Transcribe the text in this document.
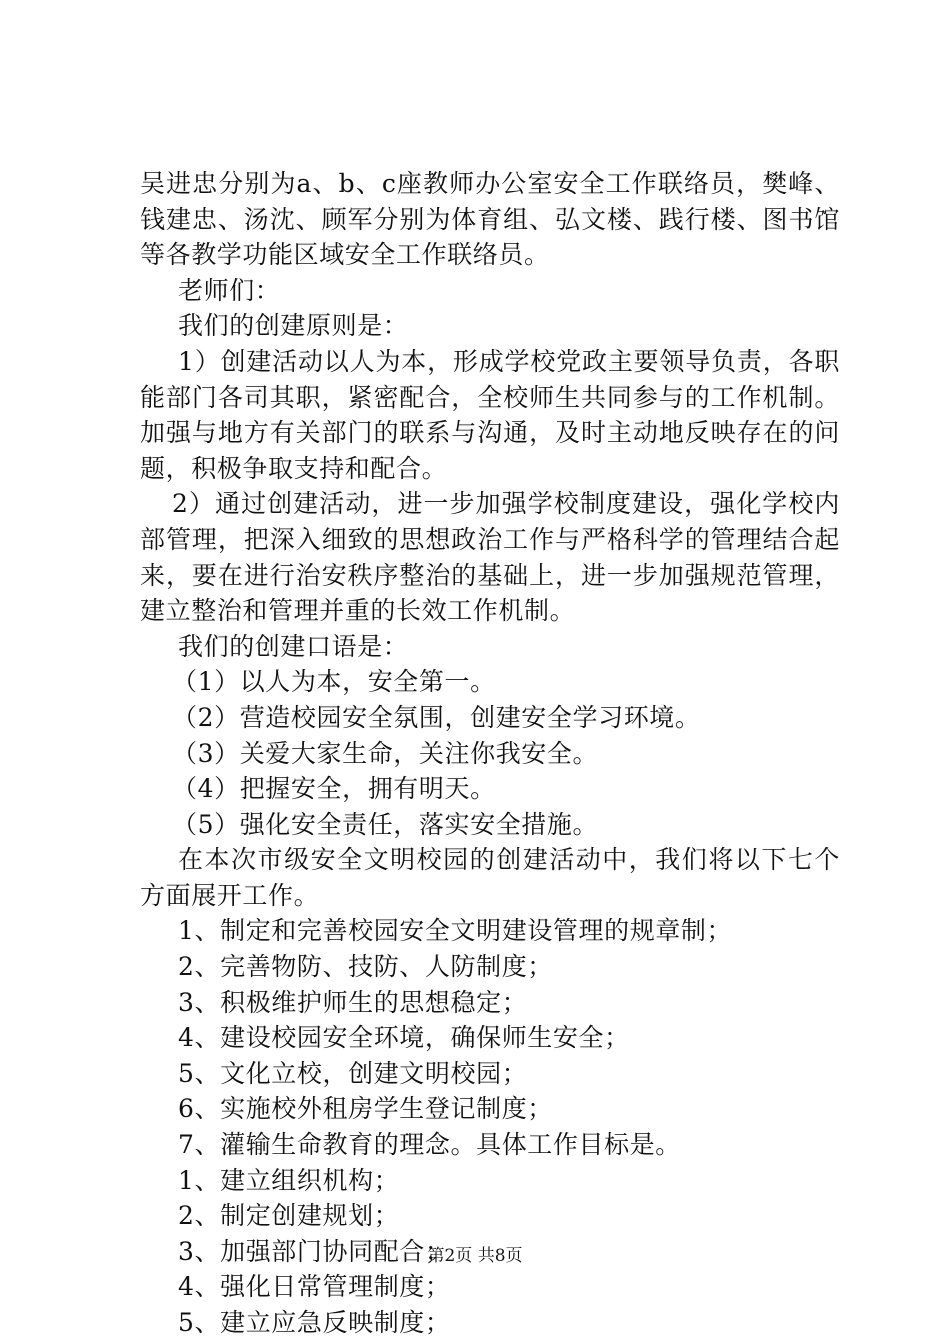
吴进忠分别为a、b、c座教师办公室安全工作联络员，樊峰、
钱建忠、汤沈、顾军分别为体育组、弘文楼、践行楼、图书馆
等各教学功能区域安全工作联络员。
老师们：
我们的创建原则是：
1）创建活动以人为本，形成学校党政主要领导负责，各职
能部门各司其职，紧密配合，全校师生共同参与的工作机制。
加强与地方有关部门的联系与沟通，及时主动地反映存在的问
题，积极争取支持和配合。
2）通过创建活动，进一步加强学校制度建设，强化学校内
部管理，把深入细致的思想政治工作与严格科学的管理结合起
来，要在进行治安秩序整治的基础上，进一步加强规范管理，
建立整治和管理并重的长效工作机制。
我们的创建口语是：
（1）以人为本，安全第一。
（2）营造校园安全氛围，创建安全学习环境。
（3）关爱大家生命，关注你我安全。
（4）把握安全，拥有明天。
（5）强化安全责任，落实安全措施。
在本次市级安全文明校园的创建活动中，我们将以下七个
方面展开工作。
1、制定和完善校园安全文明建设管理的规章制；
2、完善物防、技防、人防制度；
3、积极维护师生的思想稳定；
4、建设校园安全环境，确保师生安全；
5、文化立校，创建文明校园；
6、实施校外租房学生登记制度；
7、灌输生命教育的理念。具体工作目标是。
1、建立组织机构；
2、制定创建规划；
3、加强部门协同配合；
4、强化日常管理制度；
5、建立应急反映制度；
第2页 共8页
